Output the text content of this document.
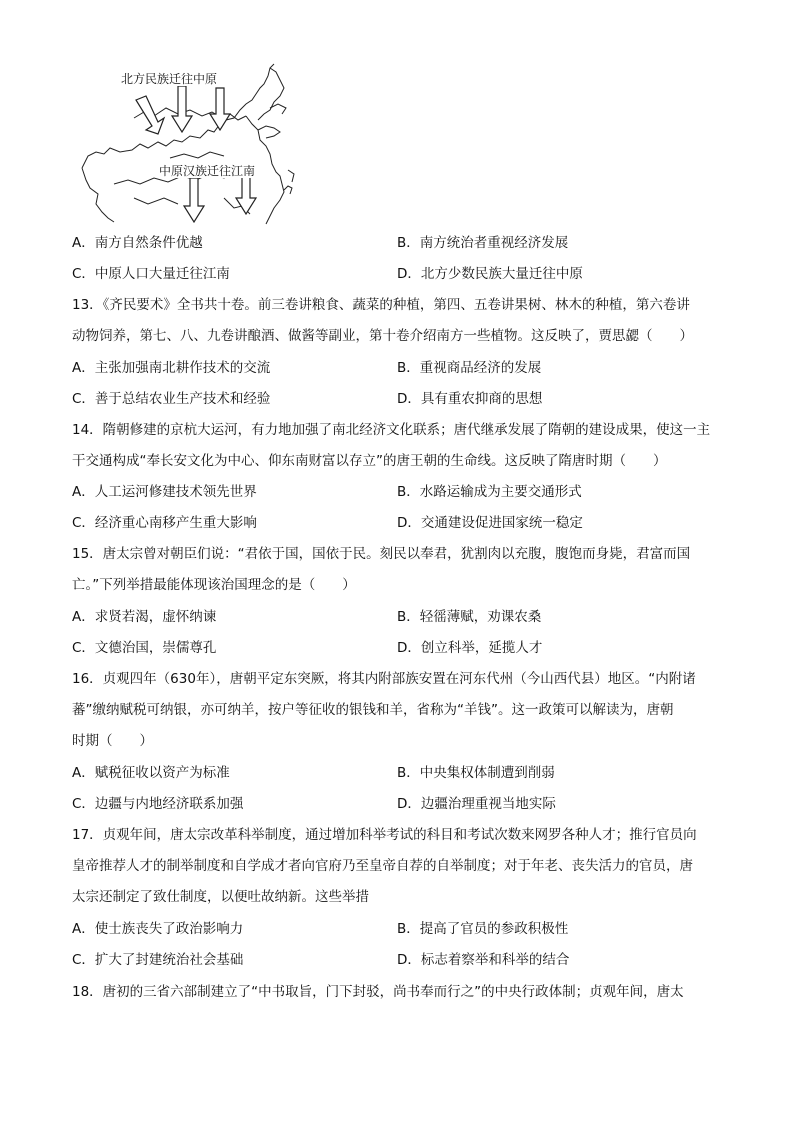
北方民族迁往中原
中原汉族迁往江南
A．南方自然条件优越	B．南方统治者重视经济发展
C．中原人口大量迁往江南	D．北方少数民族大量迁往中原
13．《齐民要术》全书共十卷。前三卷讲粮食、蔬菜的种植，第四、五卷讲果树、林木的种植，第六卷讲
动物饲养，第七、八、九卷讲酿酒、做酱等副业，第十卷介绍南方一些植物。这反映了，贾思勰（　　）
A．主张加强南北耕作技术的交流	B．重视商品经济的发展
C．善于总结农业生产技术和经验	D．具有重农抑商的思想
14．隋朝修建的京杭大运河，有力地加强了南北经济文化联系；唐代继承发展了隋朝的建设成果，使这一主
干交通构成“奉长安文化为中心、仰东南财富以存立”的唐王朝的生命线。这反映了隋唐时期（　　）
A．人工运河修建技术领先世界	B．水路运输成为主要交通形式
C．经济重心南移产生重大影响	D．交通建设促进国家统一稳定
15．唐太宗曾对朝臣们说：“君依于国，国依于民。刻民以奉君，犹割肉以充腹，腹饱而身毙，君富而国
亡。”下列举措最能体现该治国理念的是（　　）
A．求贤若渴，虚怀纳谏	B．轻徭薄赋，劝课农桑
C．文德治国，崇儒尊孔	D．创立科举，延揽人才
16．贞观四年（630年），唐朝平定东突厥，将其内附部族安置在河东代州（今山西代县）地区。“内附诸
蕃”缴纳赋税可纳银，亦可纳羊，按户等征收的银钱和羊，省称为“羊钱”。这一政策可以解读为，唐朝
时期（　　）
A．赋税征收以资产为标准	B．中央集权体制遭到削弱
C．边疆与内地经济联系加强	D．边疆治理重视当地实际
17．贞观年间，唐太宗改革科举制度，通过增加科举考试的科目和考试次数来网罗各种人才；推行官员向
皇帝推荐人才的制举制度和自学成才者向官府乃至皇帝自荐的自举制度；对于年老、丧失活力的官员，唐
太宗还制定了致仕制度，以便吐故纳新。这些举措
A．使士族丧失了政治影响力	B．提高了官员的参政积极性
C．扩大了封建统治社会基础	D．标志着察举和科举的结合
18．唐初的三省六部制建立了“中书取旨，门下封驳，尚书奉而行之”的中央行政体制；贞观年间，唐太
